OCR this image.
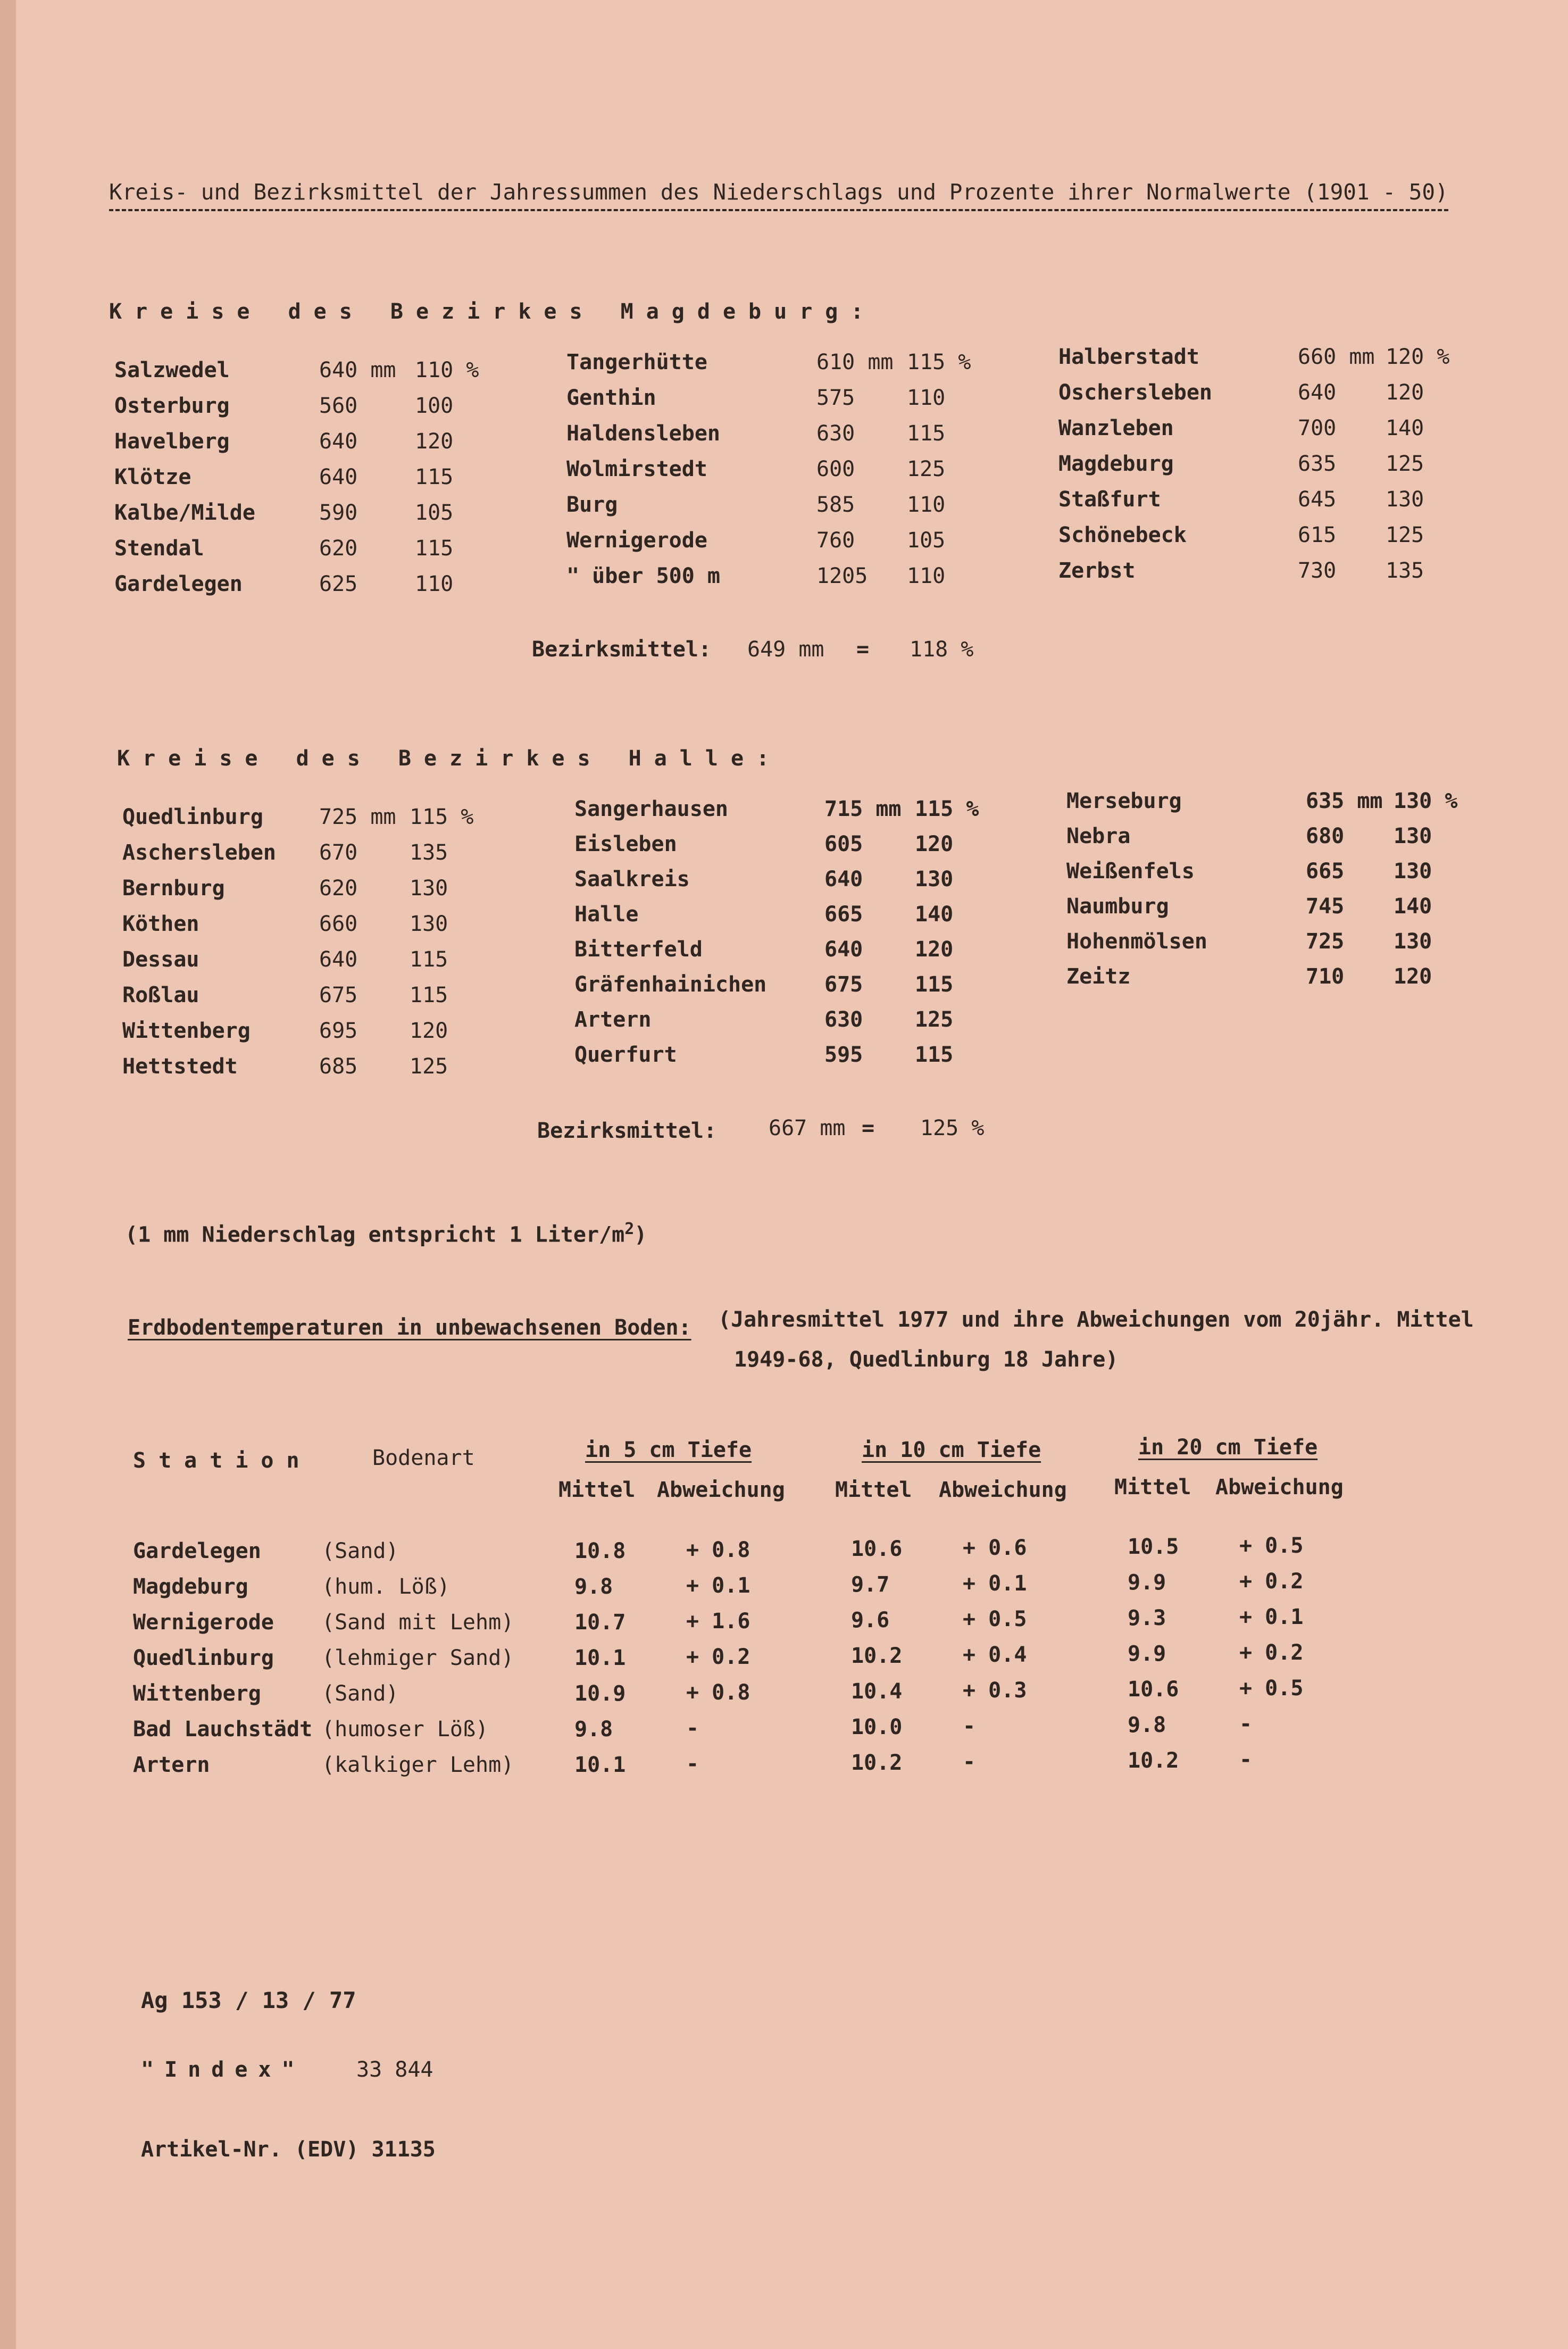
Kreis- und Bezirksmittel der Jahressummen des Niederschlags und Prozente ihrer Normalwerte (1901 - 50)
Kreise des Bezirkes Magdeburg:
Salzwedel	640 mm 110 %
Osterburg	560	100
Havelberg	640	120
Klötze	640	115
Kalbe/Milde	590	105
Stendal	620	115
Gardelegen	625	110
Tangerhütte	610 mm 115 %
Genthin	575 110
Haldensleben	630 115
Wolmirstedt	600 125
Burg	585 110
Wernigerode	760 105
" über 500 m	1205 110
Halberstadt	660 mm 120 %
Oschersleben	640 120
Wanzleben	700 140
Magdeburg	635 125
Staßfurt	645 130
Schönebeck	615 125
Zerbst	730 135
Bezirksmittel: 649 mm = 118 %
Kreise des Bezirkes Halle:
Quedlinburg	725 mm 115 %
Aschersleben 670 135
Bernburg	620 130
Köthen	660 130
Dessau	640 115
Roßlau	675 115
Wittenberg	695 120
Hettstedt	685 125
Sangerhausen	715 mm 115 %
Eisleben	605 120
Saalkreis	640 130
Halle	665 140
Bitterfeld	640 120
Gräfenhainichen	675 115
Artern	630 125
Querfurt	595 115
Merseburg	635 mm 130 %
Nebra	680 130
Weißenfels	665 130
Naumburg	745 140
Hohenmölsen	725 130
Zeitz	710 120
Bezirksmittel: 667 mm = 125 %
(1 mm Niederschlag entspricht 1 Liter/$m^2$)
Erdbodentemperaturen in unbewachsenen Boden: (Jahresmittel 1977 und ihre Abweichungen vom 20jähr. Mittel
1949-68, Quedlinburg 18 Jahre)
Station	Bodenart	in 5 cm Tiefe	in 10 cm Tiefe	in 20 cm Tiefe
Mittel Abweichung Mittel Abweichung Mittel Abweichung
Gardelegen	(Sand)	10.8	+ 0.8	10.6	+ 0.6	10.5	+ 0.5
Magdeburg	(hum. Löß)	9.8	+ 0.1	9.7	+ 0.1	9.9	+ 0.2
Wernigerode (Sand mit Lehm)	10.7	+ 1.6	9.6	+ 0.5	9.3	+ 0.1
Quedlinburg (lehmiger Sand)	10.1	+ 0.2	10.2	+ 0.4	9.9	+ 0.2
Wittenberg	(Sand)	10.9	+ 0.8	10.4	+ 0.3	10.6	+ 0.5
Bad Lauchstädt (humoser Löß)	9.8	-	10.0	-	9.8	-
Artern	(kalkiger Lehm)	10.1	-	10.2	-	10.2	-
Ag 153 / 13 / 77
"Index" 33 844
Artikel-Nr. (EDV) 31135
